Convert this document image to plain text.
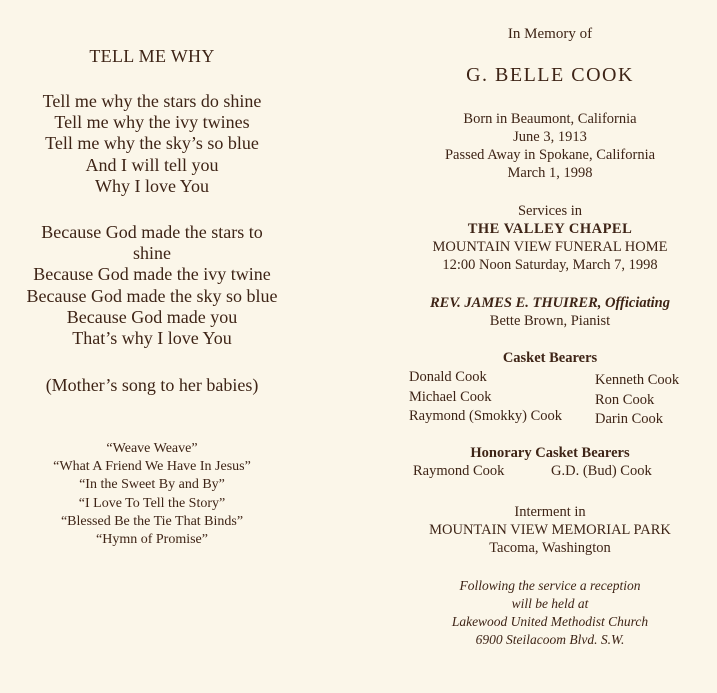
TELL ME WHY
Tell me why the stars do shine
Tell me why the ivy twines
Tell me why the sky’s so blue
And I will tell you
Why I love You
Because God made the stars to
shine
Because God made the ivy twine
Because God made the sky so blue
Because God made you
That’s why I love You
(Mother’s song to her babies)
“Weave Weave”
“What A Friend We Have In Jesus”
“In the Sweet By and By”
“I Love To Tell the Story”
“Blessed Be the Tie That Binds”
“Hymn of Promise”
In Memory of
G. BELLE COOK
Born in Beaumont, California
June 3, 1913
Passed Away in Spokane, California
March 1, 1998
Services in
THE VALLEY CHAPEL
MOUNTAIN VIEW FUNERAL HOME
12:00 Noon Saturday, March 7, 1998
REV. JAMES E. THUIRER, Officiating
Bette Brown, Pianist
Casket Bearers
Donald Cook
Michael Cook
Raymond (Smokky) Cook
Kenneth Cook
Ron Cook
Darin Cook
Honorary Casket Bearers
Raymond Cook	G.D. (Bud) Cook
Interment in
MOUNTAIN VIEW MEMORIAL PARK
Tacoma, Washington
Following the service a reception
will be held at
Lakewood United Methodist Church
6900 Steilacoom Blvd. S.W.
